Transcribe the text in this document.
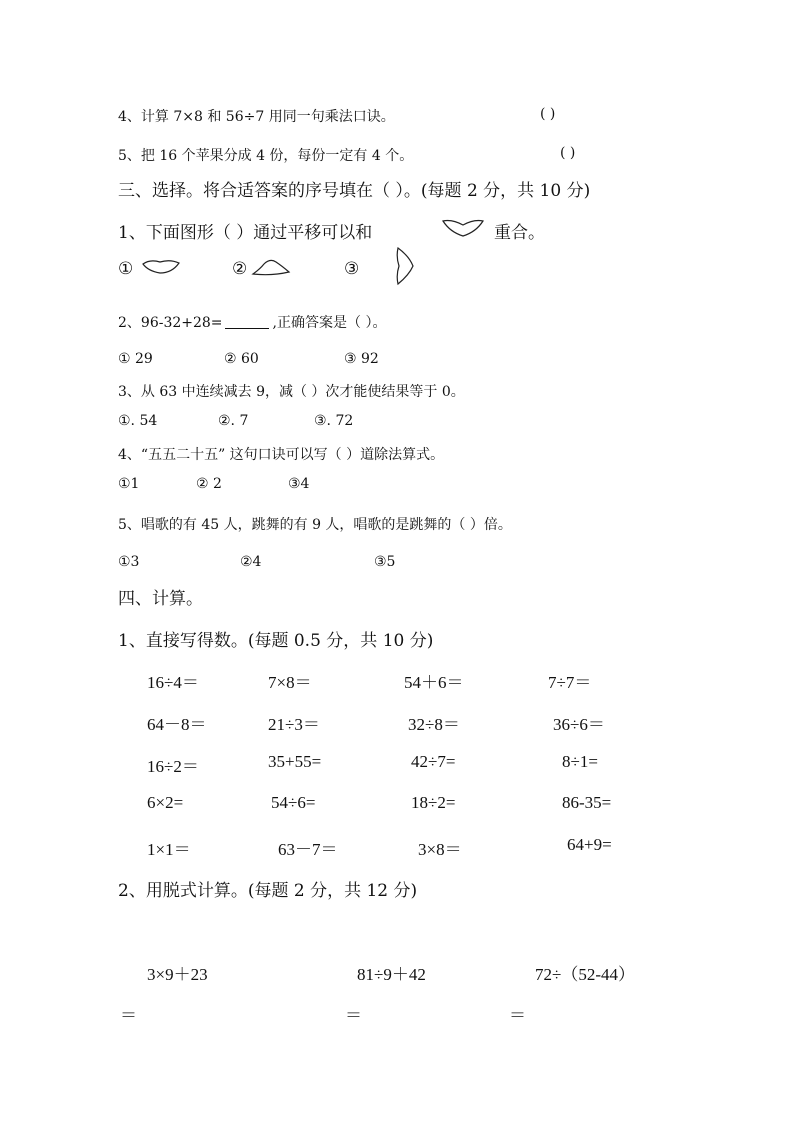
4、计算 7×8 和 56÷7 用同一句乘法口诀。	( )
5、把 16 个苹果分成 4 份，每份一定有 4 个。	( )
三、选择。将合适答案的序号填在（ ）。(每题 2 分，共 10 分)
1、下面图形（ ）通过平移可以和	重合。
①	②	③
2、96-32+28=	,正确答案是（ ）。
① 29	② 60	③ 92
3、从 63 中连续减去 9，减（ ）次才能使结果等于 0。
①. 54	②. 7	③. 72
4、“五五二十五” 这句口诀可以写（ ）道除法算式。
①1	② 2	③4
5、唱歌的有 45 人，跳舞的有 9 人，唱歌的是跳舞的（ ）倍。
①3	②4	③5
四、计算。
1、直接写得数。(每题 0.5 分，共 10 分)
16÷4＝	7×8＝	54＋6＝	7÷7＝
64－8＝	21÷3＝	32÷8＝	36÷6＝
16÷2＝	35+55=	42÷7=	8÷1=
6×2=	54÷6=	18÷2=	86-35=
1×1＝	63－7＝	3×8＝	64+9=
2、用脱式计算。(每题 2 分，共 12 分)
3×9＋23	81÷9＋42	72÷（52-44）
＝	＝	＝
